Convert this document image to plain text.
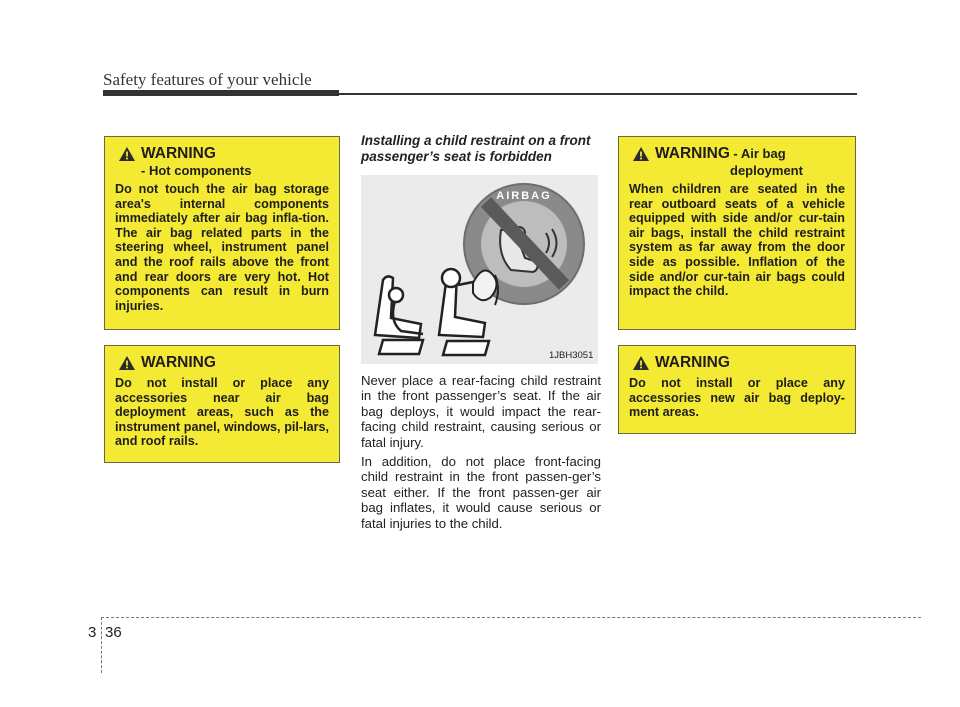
Safety features of your vehicle
WARNING
- Hot components
Do not touch the air bag storage area's internal components immediately after air bag infla-tion. The air bag related parts in the steering wheel, instrument panel and the roof rails above the front and rear doors are very hot. Hot components can result in burn injuries.
WARNING
Do not install or place any accessories near air bag deployment areas, such as the instrument panel, windows, pil-lars, and roof rails.
Installing a child restraint on a front passenger’s seat is forbidden
AIRBAG
1JBH3051
Never place a rear-facing child restraint in the front passenger’s seat. If the air bag deploys, it would impact the rear-facing child restraint, causing serious or fatal injury.
In addition, do not place front-facing child restraint in the front passen-ger’s seat either. If the front passen-ger air bag inflates, it would cause serious or fatal injuries to the child.
WARNING - Air bag
deployment
When children are seated in the rear outboard seats of a vehicle equipped with side and/or cur-tain air bags, install the child restraint system as far away from the door side as possible. Inflation of the side and/or cur-tain air bags could impact the child.
WARNING
Do not install or place any accessories new air bag deploy-ment areas.
3 36
